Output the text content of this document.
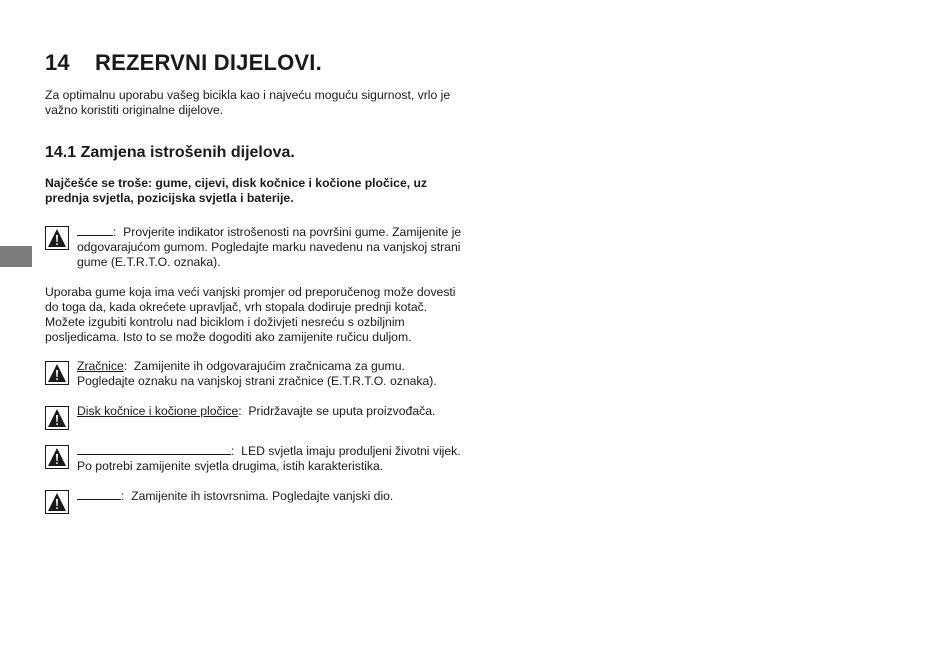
14 REZERVNI DIJELOVI.

Za optimalnu uporabu vašeg bicikla kao i najveću moguću sigurnost, vrlo je važno koristiti originalne dijelove.

14.1 Zamjena istrošenih dijelova.

Najčešće se troše: gume, cijevi, disk kočnice i kočione pločice, uz prednja svjetla, pozicijska svjetla i baterije.

:  Provjerite indikator istrošenosti na površini gume. Zamijenite je odgovarajućom gumom. Pogledajte marku navedenu na vanjskoj strani gume (E.T.R.T.O. oznaka).

Uporaba gume koja ima veći vanjski promjer od preporučenog može dovesti do toga da, kada okrećete upravljač, vrh stopala dodiruje prednji kotač. Možete izgubiti kontrolu nad biciklom i doživjeti nesreću s ozbiljnim posljedicama. Isto to se može dogoditi ako zamijenite ručicu duljom.

Zračnice:  Zamijenite ih odgovarajućim zračnicama za gumu. Pogledajte oznaku na vanjskoj strani zračnice (E.T.R.T.O. oznaka).
Disk kočnice i kočione pločice:  Pridržavajte se uputa proizvođača.
:  LED svjetla imaju produljeni životni vijek. Po potrebi zamijenite svjetla drugima, istih karakteristika.
:  Zamijenite ih istovrsnima. Pogledajte vanjski dio.
